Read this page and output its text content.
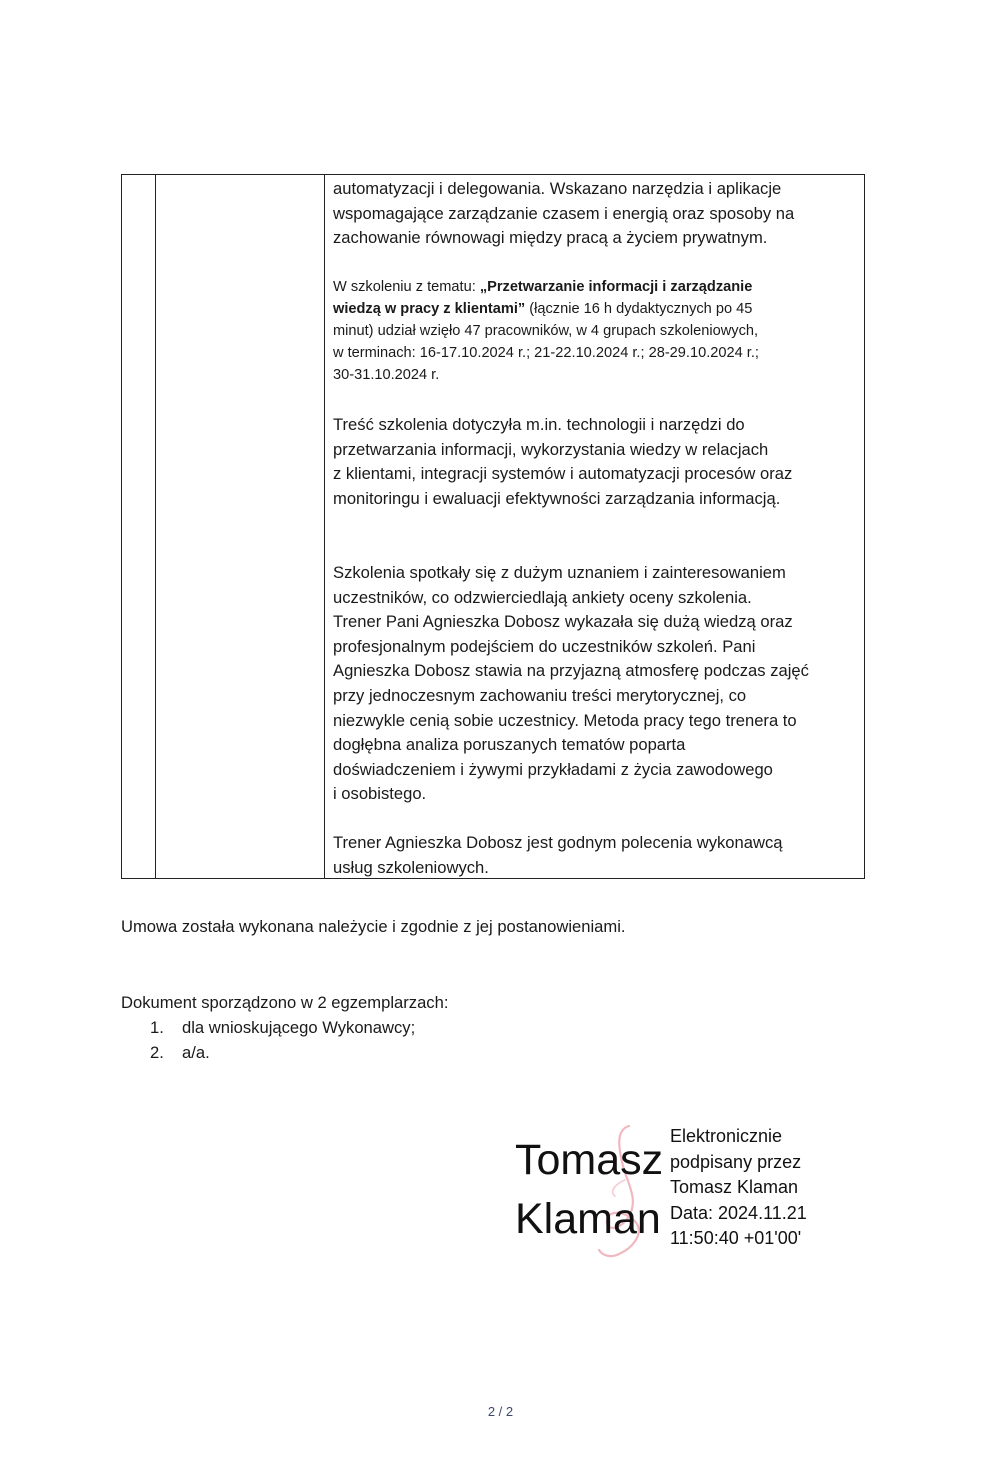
automatyzacji i delegowania. Wskazano narzędzia i aplikacje
wspomagające zarządzanie czasem i energią oraz sposoby na
zachowanie równowagi między pracą a życiem prywatnym.
W szkoleniu z tematu: „Przetwarzanie informacji i zarządzanie
wiedzą w pracy z klientami” (łącznie 16 h dydaktycznych po 45
minut) udział wzięło 47 pracowników, w 4 grupach szkoleniowych,
w terminach: 16-17.10.2024 r.; 21-22.10.2024 r.; 28-29.10.2024 r.;
30-31.10.2024 r.
Treść szkolenia dotyczyła m.in. technologii i narzędzi do
przetwarzania informacji, wykorzystania wiedzy w relacjach
z klientami, integracji systemów i automatyzacji procesów oraz
monitoringu i ewaluacji efektywności zarządzania informacją.
Szkolenia spotkały się z dużym uznaniem i zainteresowaniem
uczestników, co odzwierciedlają ankiety oceny szkolenia.
Trener Pani Agnieszka Dobosz wykazała się dużą wiedzą oraz
profesjonalnym podejściem do uczestników szkoleń. Pani
Agnieszka Dobosz stawia na przyjazną atmosferę podczas zajęć
przy jednoczesnym zachowaniu treści merytorycznej, co
niezwykle cenią sobie uczestnicy. Metoda pracy tego trenera to
dogłębna analiza poruszanych tematów poparta
doświadczeniem i żywymi przykładami z życia zawodowego
i osobistego.
Trener Agnieszka Dobosz jest godnym polecenia wykonawcą
usług szkoleniowych.
Umowa została wykonana należycie i zgodnie z jej postanowieniami.
Dokument sporządzono w 2 egzemplarzach:
1.	dla wnioskującego Wykonawcy;
2.	a/a.
Tomasz
Klaman
Elektronicznie
podpisany przez
Tomasz Klaman
Data: 2024.11.21
11:50:40 +01'00'
2 / 2
